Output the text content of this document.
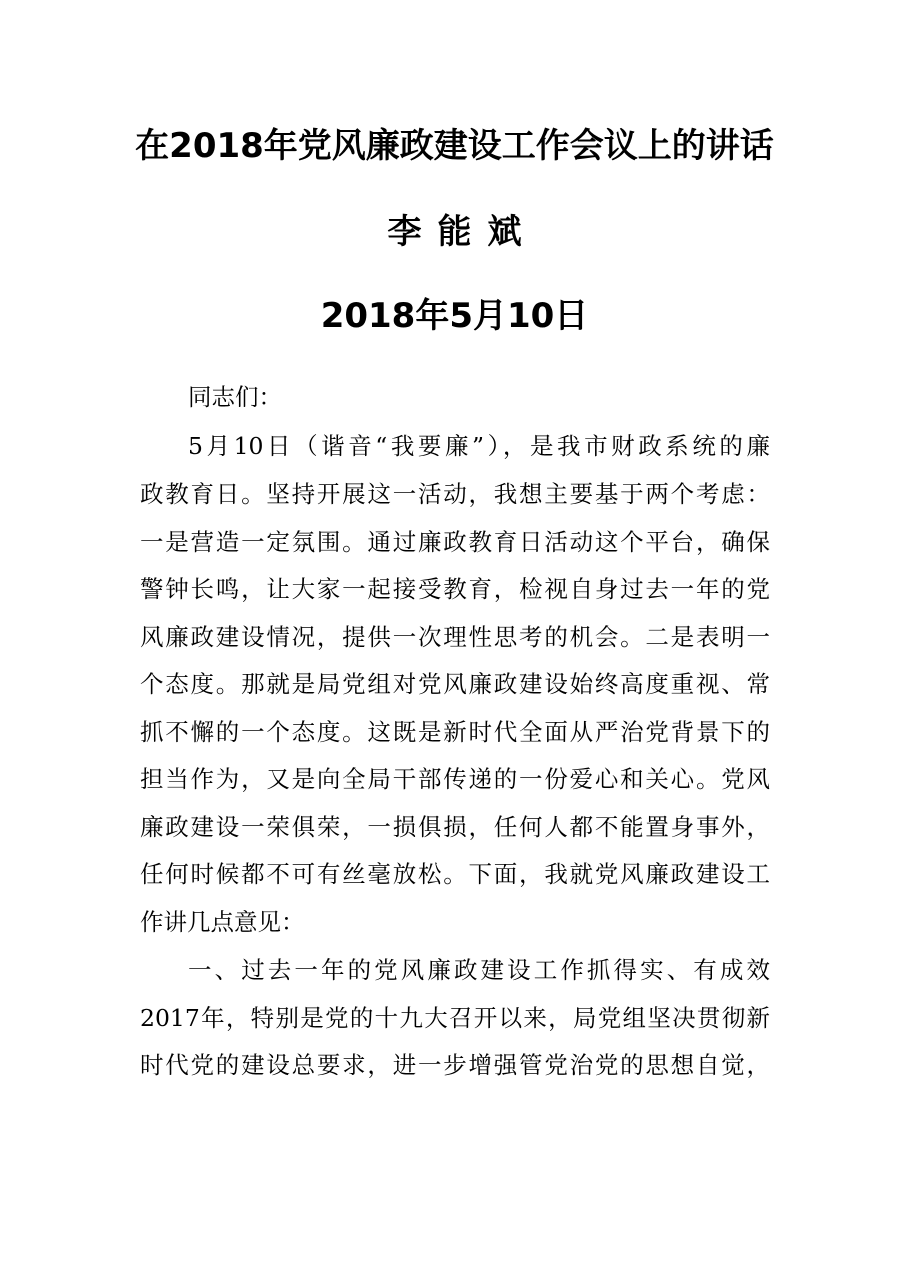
在2018年党风廉政建设工作会议上的讲话
李能斌
2018年5月10日
同志们：
5月10日（谐音“我要廉”），是我市财政系统的廉
政教育日。坚持开展这一活动，我想主要基于两个考虑：
一是营造一定氛围。通过廉政教育日活动这个平台，确保
警钟长鸣，让大家一起接受教育，检视自身过去一年的党
风廉政建设情况，提供一次理性思考的机会。二是表明一
个态度。那就是局党组对党风廉政建设始终高度重视、常
抓不懈的一个态度。这既是新时代全面从严治党背景下的
担当作为，又是向全局干部传递的一份爱心和关心。党风
廉政建设一荣俱荣，一损俱损，任何人都不能置身事外，
任何时候都不可有丝毫放松。下面，我就党风廉政建设工
作讲几点意见：
一、过去一年的党风廉政建设工作抓得实、有成效
2017年，特别是党的十九大召开以来，局党组坚决贯彻新
时代党的建设总要求，进一步增强管党治党的思想自觉，
